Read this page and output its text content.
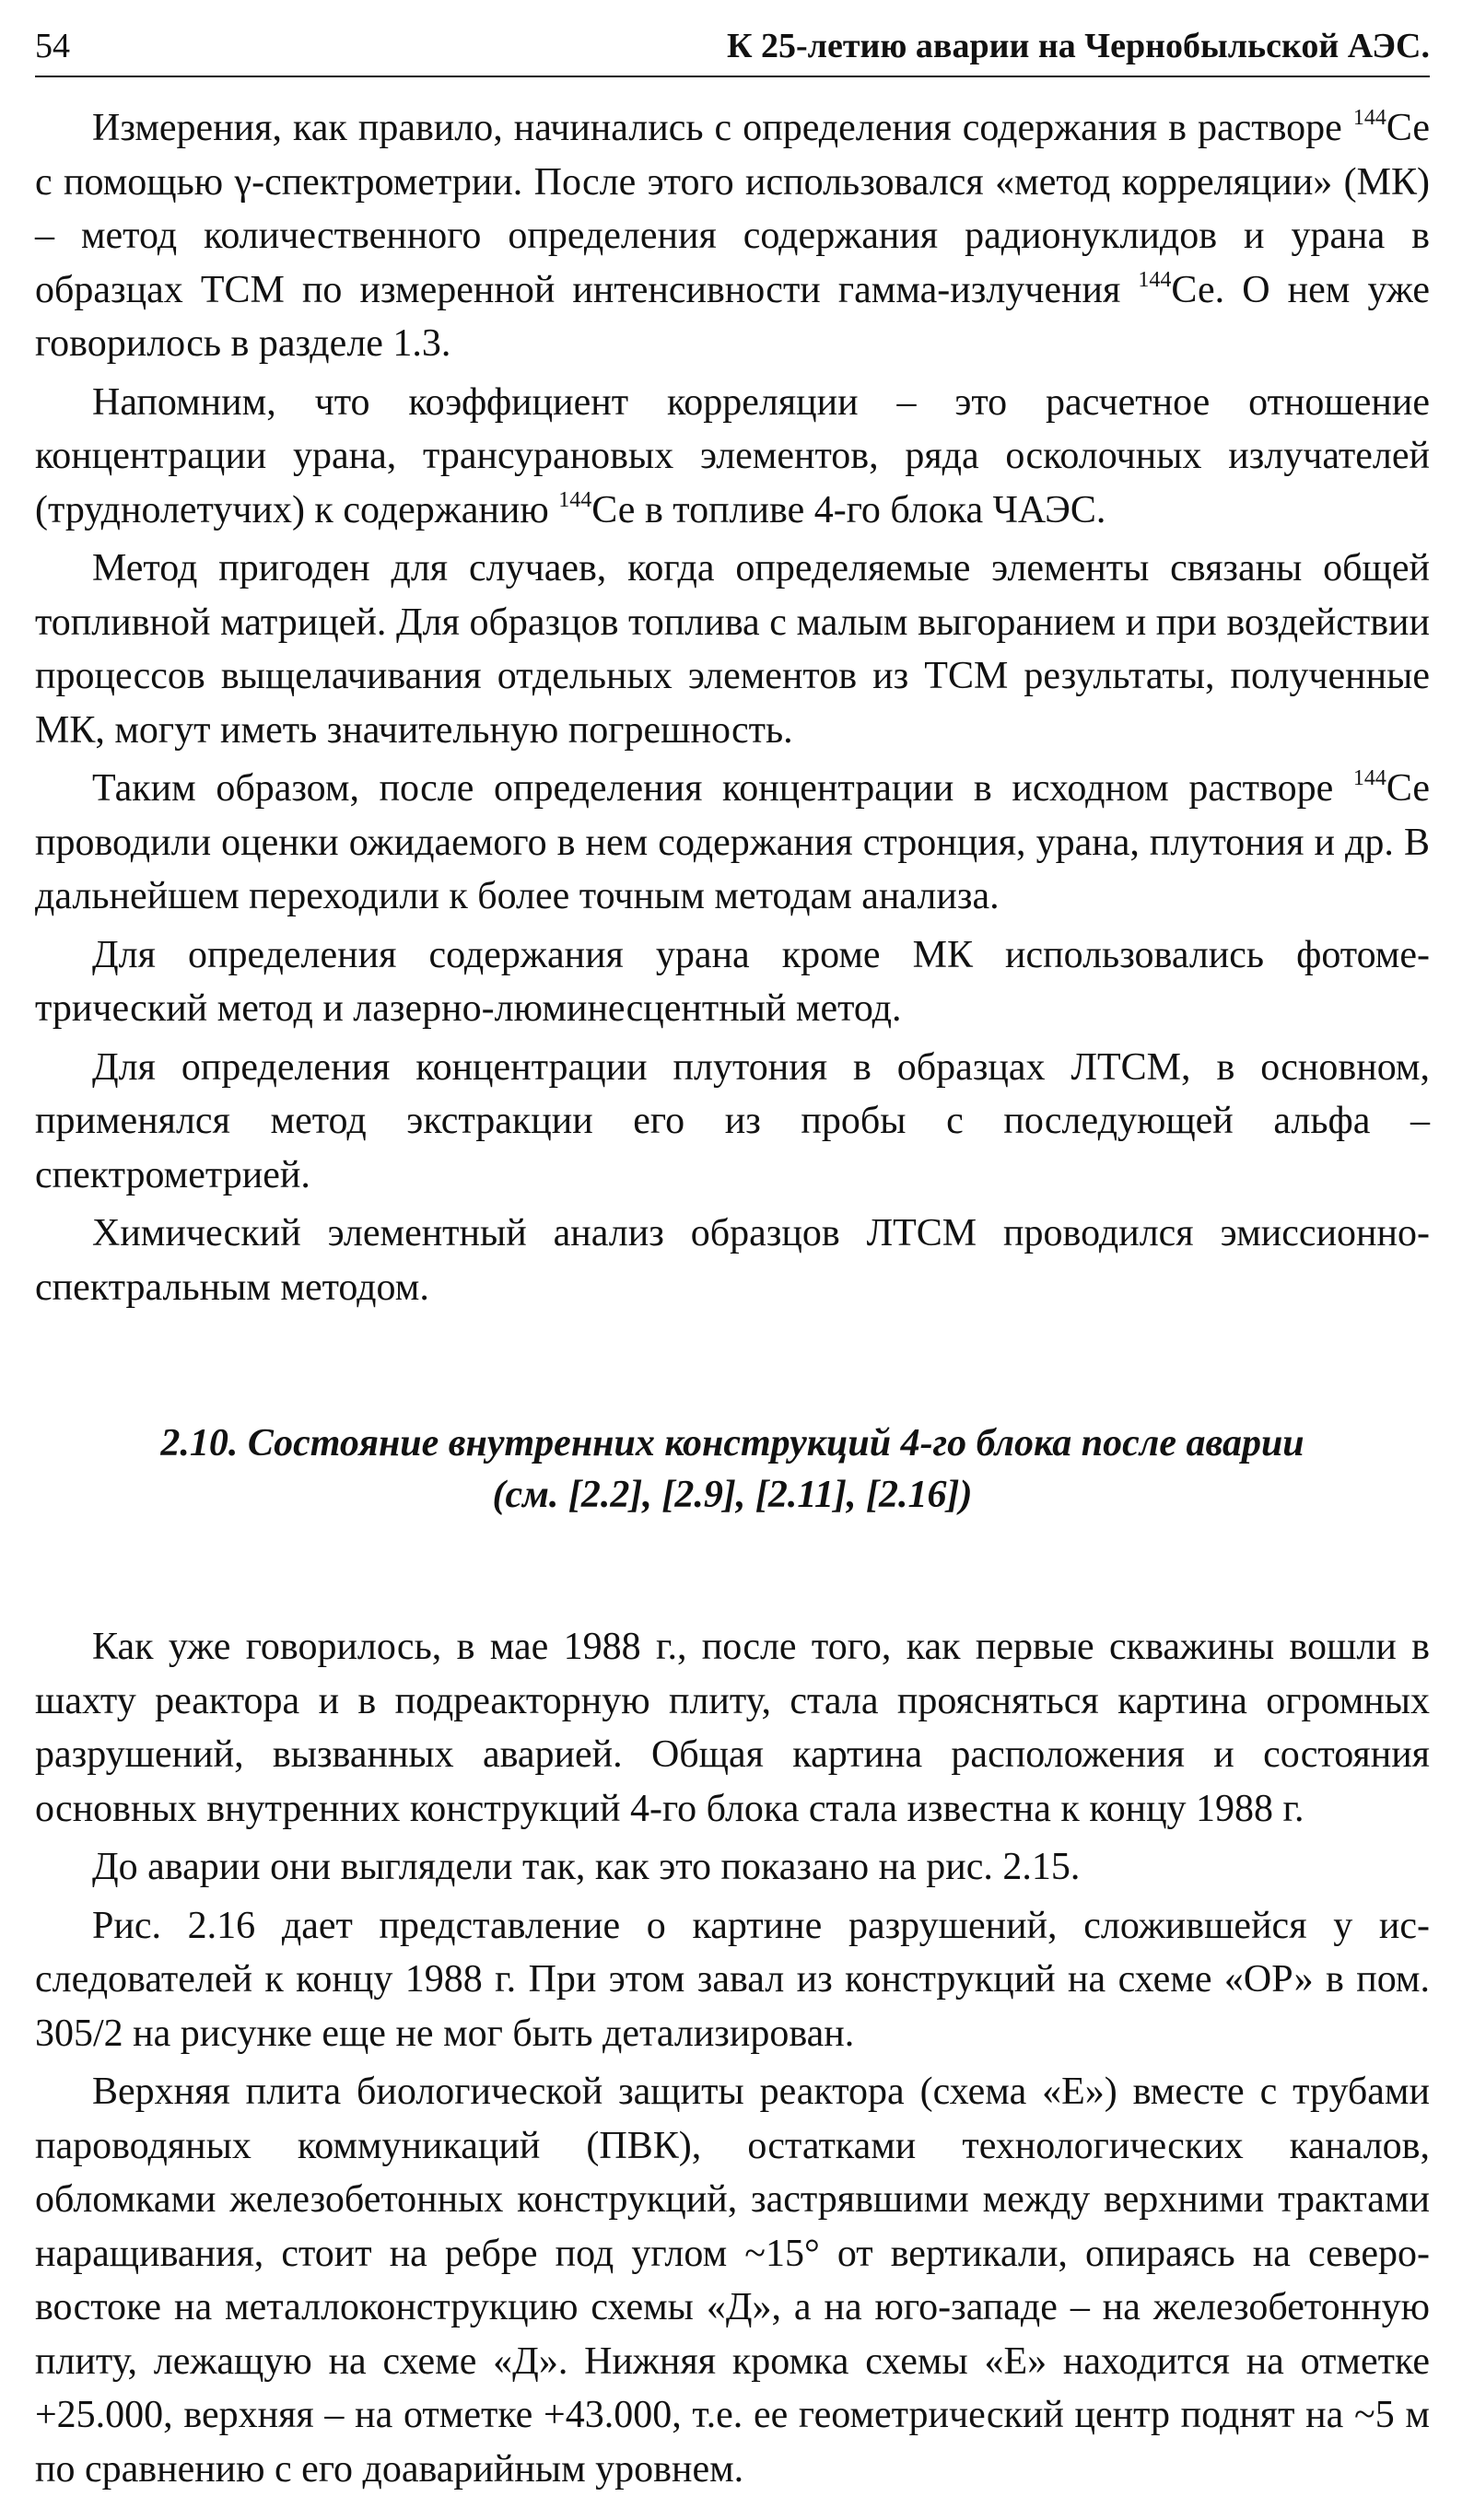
54	К 25-летию аварии на Чернобыльской АЭС.

Измерения, как правило, начинались с определения содержания в растворе $^{144}$Се с помощью γ-спектрометрии. После этого использовался «метод корреляции» (МК) – метод количественного определения содержания радионуклидов и урана в образцах ТСМ по измеренной интенсивности гамма-излучения $^{144}$Се. О нем уже говорилось в разделе 1.3.

Напомним, что коэффициент корреляции – это расчетное отношение концентрации урана, трансурановых элементов, ряда осколочных излучателей (труднолетучих) к содержанию $^{144}$Се в топливе 4-го блока ЧАЭС.

Метод пригоден для случаев, когда определяемые элементы связаны общей топливной матрицей. Для образцов топлива с малым выгоранием и при воздействии процессов выщелачивания отдельных элементов из ТСМ результаты, полученные МК, могут иметь значительную погрешность.

Таким образом, после определения концентрации в исходном растворе $^{144}$Се проводили оценки ожидаемого в нем содержания стронция, урана, плутония и др. В дальнейшем переходили к более точным методам анализа.

Для определения содержания урана кроме МК использовались фотометрический метод и лазерно-люминесцентный метод.

Для определения концентрации плутония в образцах ЛТСМ, в основном, применялся метод экстракции его из пробы с последующей альфа – спектрометрией.

Химический элементный анализ образцов ЛТСМ проводился эмиссионно-спектральным методом.

2.10. Состояние внутренних конструкций 4-го блока после аварии
(см. [2.2], [2.9], [2.11], [2.16])

Как уже говорилось, в мае 1988 г., после того, как первые скважины вошли в шахту реактора и в подреакторную плиту, стала проясняться картина огромных разрушений, вызванных аварией. Общая картина расположения и состояния основных внутренних конструкций 4-го блока стала известна к концу 1988 г.

До аварии они выглядели так, как это показано на рис. 2.15.

Рис. 2.16 дает представление о картине разрушений, сложившейся у исследователей к концу 1988 г. При этом завал из конструкций на схеме «ОР» в пом. 305/2 на рисунке еще не мог быть детализирован.

Верхняя плита биологической защиты реактора (схема «Е») вместе с трубами пароводяных коммуникаций (ПВК), остатками технологических каналов, обломками железобетонных конструкций, застрявшими между верхними трактами наращивания, стоит на ребре под углом ~15° от вертикали, опираясь на северо-востоке на металлоконструкцию схемы «Д», а на юго-западе – на железобетонную плиту, лежащую на схеме «Д». Нижняя кромка схемы «Е» находится на отметке +25.000, верхняя – на отметке +43.000, т.е. ее геометрический центр поднят на ~5 м по сравнению с его доаварийным уровнем.
